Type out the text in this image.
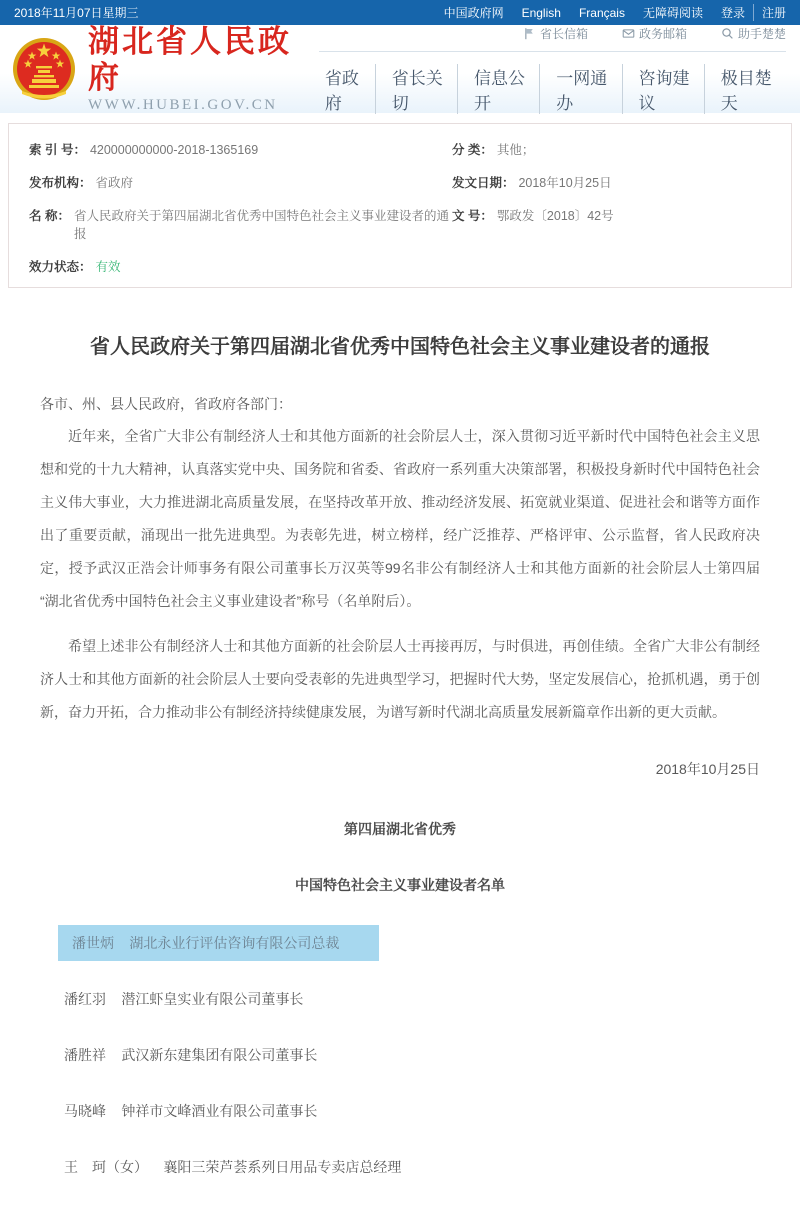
2018年11月07日星期三	中国政府网 English Français 无障碍阅读 登录	注册
湖北省人民政府
WWW.HUBEI.GOV.CN
省长信箱	政务邮箱	助手楚楚
省政府
省长关切
信息公开
一网通办
咨询建议
极目楚天
索 引 号： 420000000000-2018-1365169	分 类： 其他；
发布机构： 省政府	发文日期： 2018年10月25日
名 称： 省人民政府关于第四届湖北省优秀中国特色社会主义事业建设者的通报
文 号： 鄂政发〔2018〕42号
效力状态： 有效
省人民政府关于第四届湖北省优秀中国特色社会主义事业建设者的通报

各市、州、县人民政府，省政府各部门：

近年来，全省广大非公有制经济人士和其他方面新的社会阶层人士，深入贯彻习近平新时代中国特色社会主义思想和党的十九大精神，认真落实党中央、国务院和省委、省政府一系列重大决策部署，积极投身新时代中国特色社会主义伟大事业，大力推进湖北高质量发展，在坚持改革开放、推动经济发展、拓宽就业渠道、促进社会和谐等方面作出了重要贡献，涌现出一批先进典型。为表彰先进，树立榜样，经广泛推荐、严格评审、公示监督，省人民政府决定，授予武汉正浩会计师事务有限公司董事长万汉英等99名非公有制经济人士和其他方面新的社会阶层人士第四届“湖北省优秀中国特色社会主义事业建设者”称号（名单附后）。

希望上述非公有制经济人士和其他方面新的社会阶层人士再接再厉，与时俱进，再创佳绩。全省广大非公有制经济人士和其他方面新的社会阶层人士要向受表彰的先进典型学习，把握时代大势，坚定发展信心，抢抓机遇，勇于创新，奋力开拓，合力推动非公有制经济持续健康发展，为谱写新时代湖北高质量发展新篇章作出新的更大贡献。

2018年10月25日

第四届湖北省优秀

中国特色社会主义事业建设者名单

潘世炳 湖北永业行评估咨询有限公司总裁
潘红羽 潜江虾皇实业有限公司董事长
潘胜祥 武汉新东建集团有限公司董事长
马晓峰 钟祥市文峰酒业有限公司董事长
王　珂（女） 襄阳三荣芦荟系列日用品专卖店总经理
